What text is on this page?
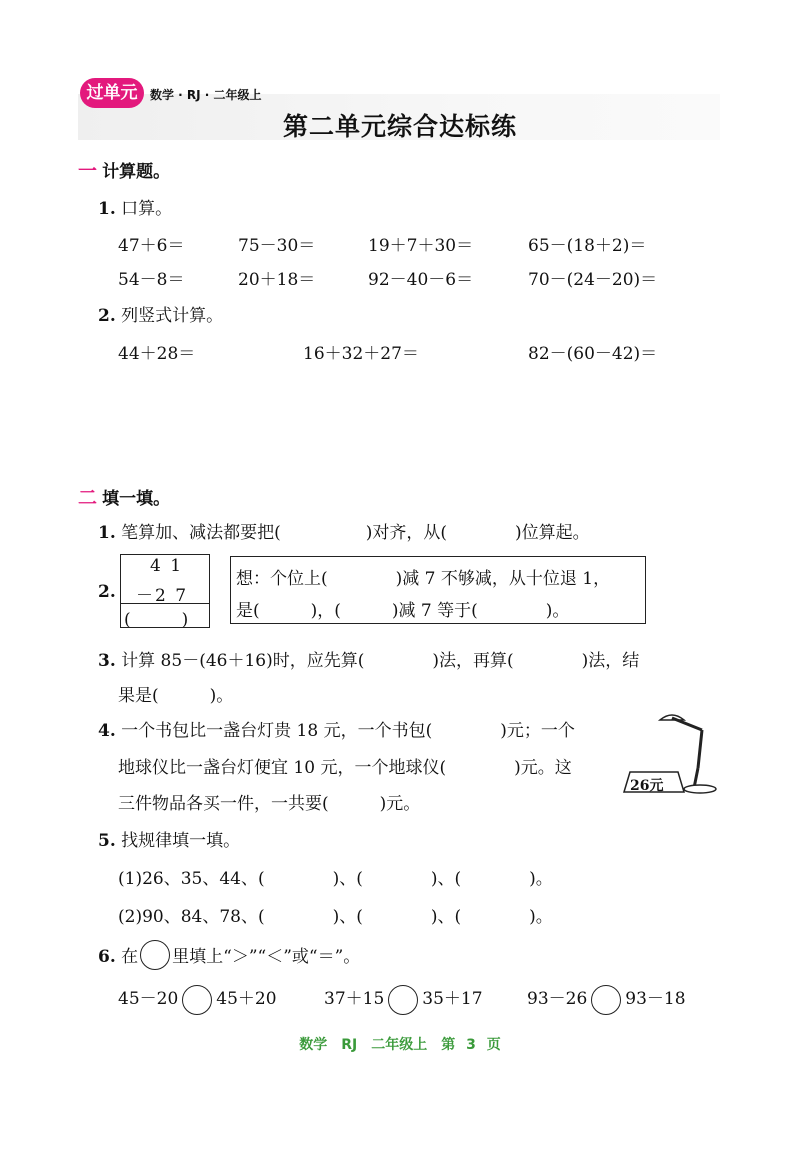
过单元	数学 · RJ · 二年级上
第二单元综合达标练
一 计算题。
1. 口算。
47＋6＝	75－30＝	19＋7＋30＝	65－(18＋2)＝
54－8＝	20＋18＝	92－40－6＝	70－(24－20)＝
2. 列竖式计算。
44＋28＝	16＋32＋27＝	82－(60－42)＝
二 填一填。
1. 笔算加、减法都要把(　　　　　)对齐，从(　　　　)位算起。
2.
4 1
－2 7
(　　　)
想：个位上(　　　　)减 7 不够减，从十位退 1，
是(　　　)，(　　　)减 7 等于(　　　　)。
3. 计算 85－(46＋16)时，应先算(　　　　)法，再算(　　　　)法，结
果是(　　　)。
4. 一个书包比一盏台灯贵 18 元，一个书包(　　　　)元；一个
地球仪比一盏台灯便宜 10 元，一个地球仪(　　　　)元。这
三件物品各买一件，一共要(　　　)元。
26元
5. 找规律填一填。
(1)26、35、44、(　　　　)、(　　　　)、(　　　　)。
(2)90、84、78、(　　　　)、(　　　　)、(　　　　)。
6. 在 里填上“＞”“＜”或“＝”。
45－20 45＋20	37＋15 35＋17	93－26 93－18
数学　RJ　二年级上　第 3 页
